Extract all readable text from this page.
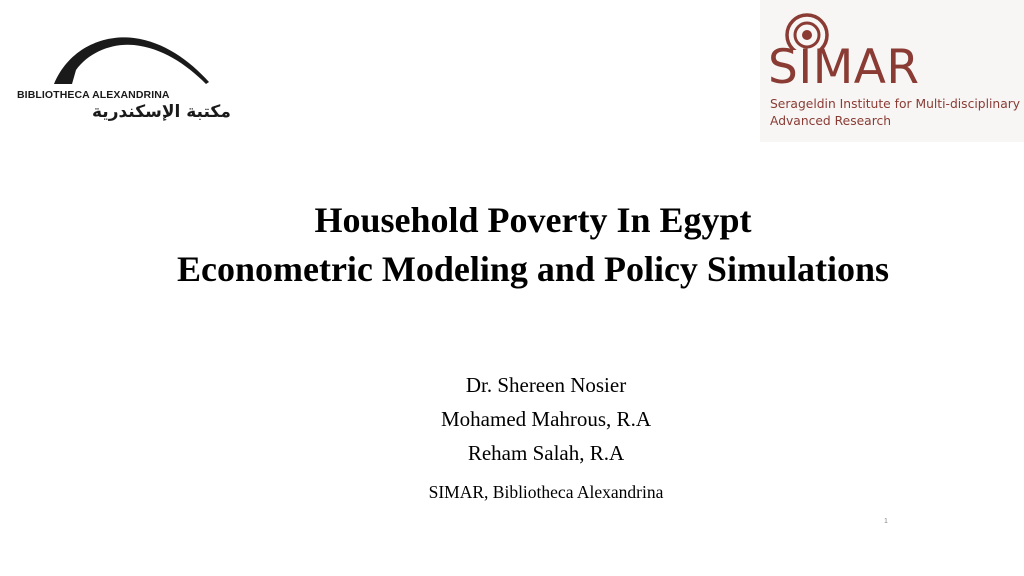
BIBLIOTHECA ALEXANDRINA
مكتبة الإسكندرية
SIMAR
Serageldin Institute for Multi-disciplinary
Advanced Research
Household Poverty In Egypt
Econometric Modeling and Policy Simulations
Dr. Shereen Nosier
Mohamed Mahrous, R.A
Reham Salah, R.A
SIMAR, Bibliotheca Alexandrina
1
